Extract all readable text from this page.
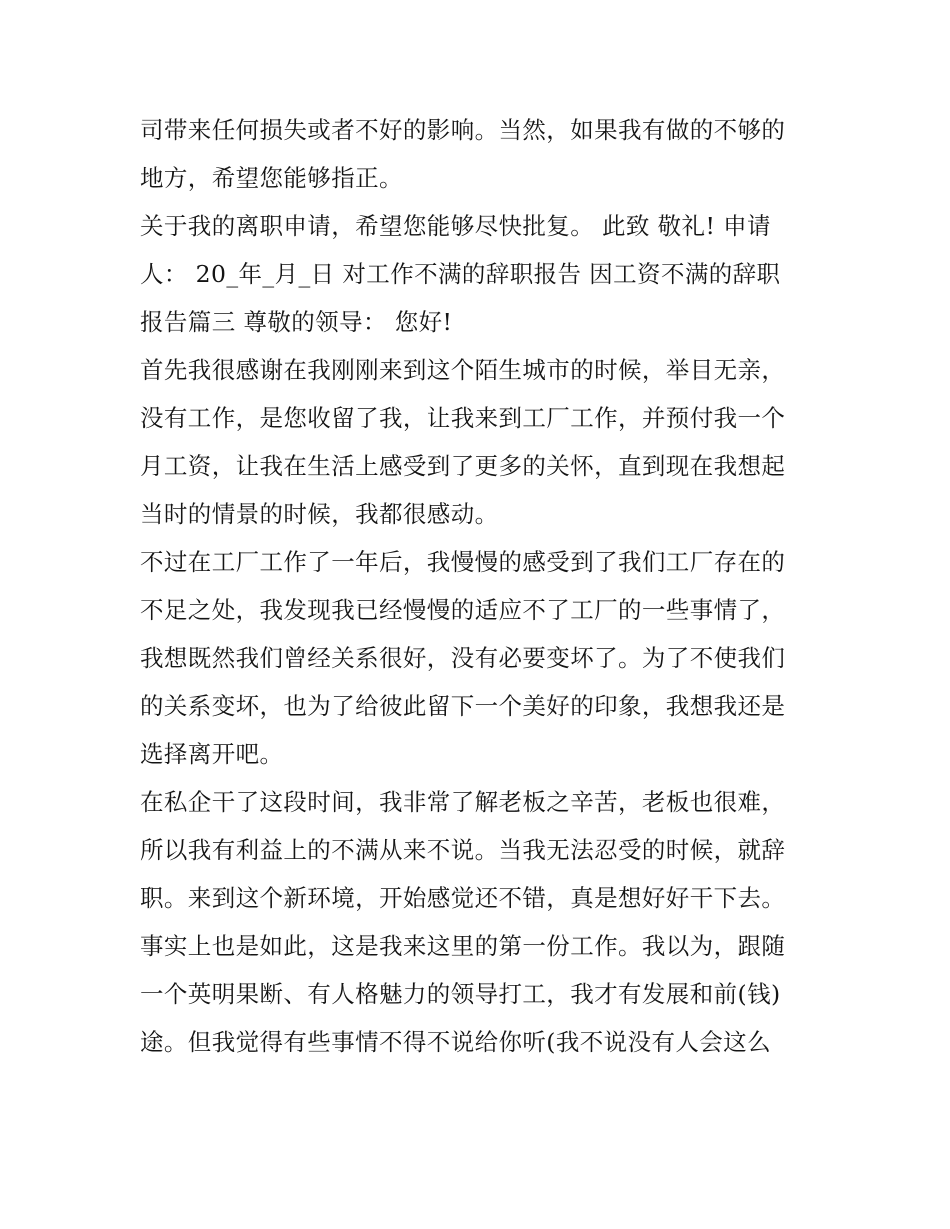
司带来任何损失或者不好的影响。当然，如果我有做的不够的
地方，希望您能够指正。
关于我的离职申请，希望您能够尽快批复。 此致 敬礼! 申请
人： 20_年_月_日 对工作不满的辞职报告 因工资不满的辞职
报告篇三 尊敬的领导： 您好!
首先我很感谢在我刚刚来到这个陌生城市的时候，举目无亲，
没有工作，是您收留了我，让我来到工厂工作，并预付我一个
月工资，让我在生活上感受到了更多的关怀，直到现在我想起
当时的情景的时候，我都很感动。
不过在工厂工作了一年后，我慢慢的感受到了我们工厂存在的
不足之处，我发现我已经慢慢的适应不了工厂的一些事情了，
我想既然我们曾经关系很好，没有必要变坏了。为了不使我们
的关系变坏，也为了给彼此留下一个美好的印象，我想我还是
选择离开吧。
在私企干了这段时间，我非常了解老板之辛苦，老板也很难，
所以我有利益上的不满从来不说。当我无法忍受的时候，就辞
职。来到这个新环境，开始感觉还不错，真是想好好干下去。
事实上也是如此，这是我来这里的第一份工作。我以为，跟随
一个英明果断、有人格魅力的领导打工，我才有发展和前(钱)
途。但我觉得有些事情不得不说给你听(我不说没有人会这么
